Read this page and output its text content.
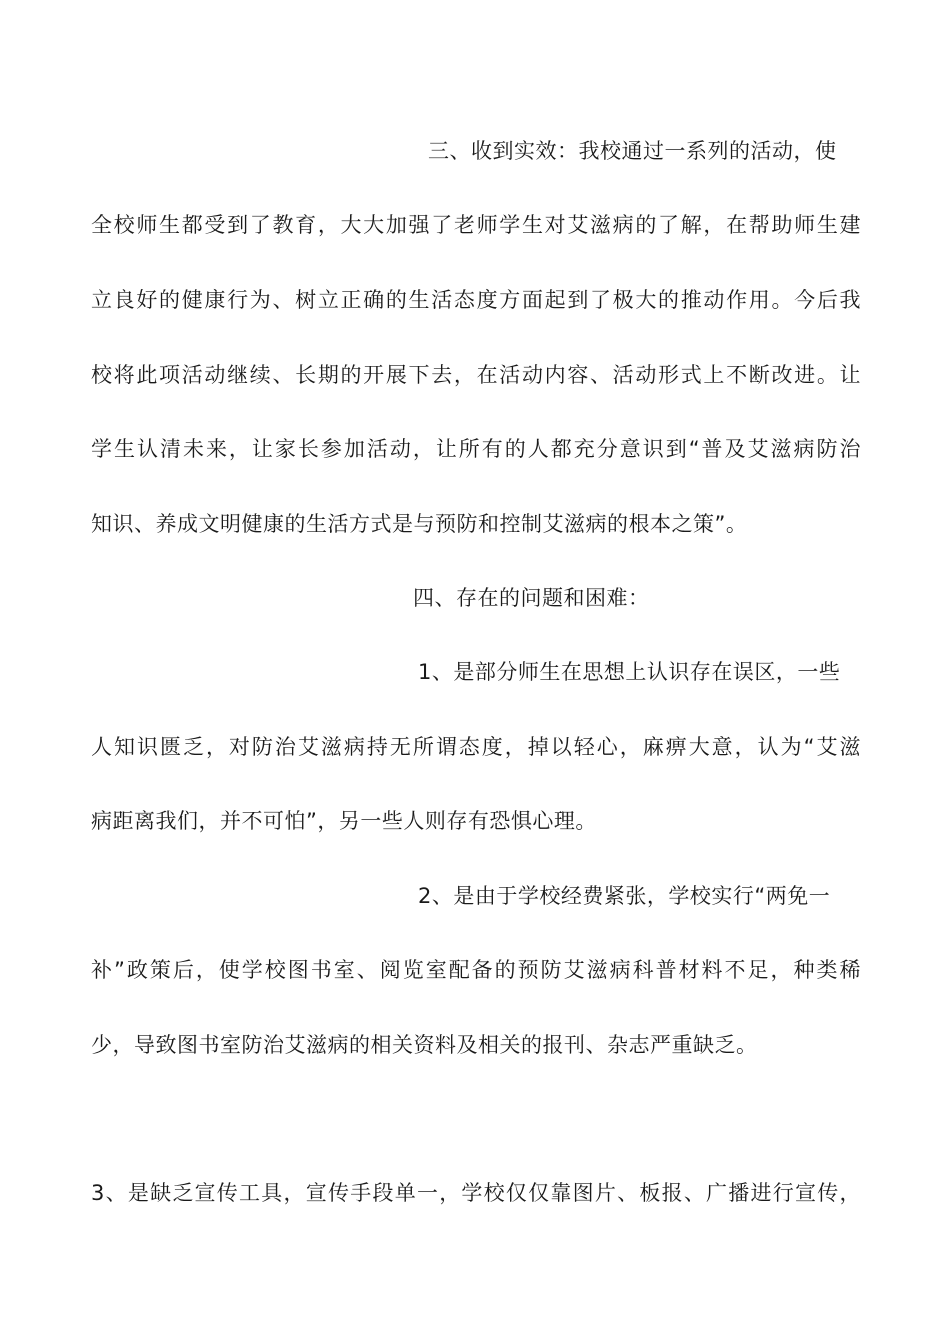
三、收到实效：我校通过一系列的活动，使
全校师生都受到了教育，大大加强了老师学生对艾滋病的了解，在帮助师生建
立良好的健康行为、树立正确的生活态度方面起到了极大的推动作用。今后我
校将此项活动继续、长期的开展下去，在活动内容、活动形式上不断改进。让
学生认清未来，让家长参加活动，让所有的人都充分意识到“普及艾滋病防治
知识、养成文明健康的生活方式是与预防和控制艾滋病的根本之策”。
四、存在的问题和困难：
1、是部分师生在思想上认识存在误区，一些
人知识匮乏，对防治艾滋病持无所谓态度，掉以轻心，麻痹大意，认为“艾滋
病距离我们，并不可怕”，另一些人则存有恐惧心理。
2、是由于学校经费紧张，学校实行“两免一
补”政策后，使学校图书室、阅览室配备的预防艾滋病科普材料不足，种类稀
少，导致图书室防治艾滋病的相关资料及相关的报刊、杂志严重缺乏。
3、是缺乏宣传工具，宣传手段单一，学校仅仅靠图片、板报、广播进行宣传，
